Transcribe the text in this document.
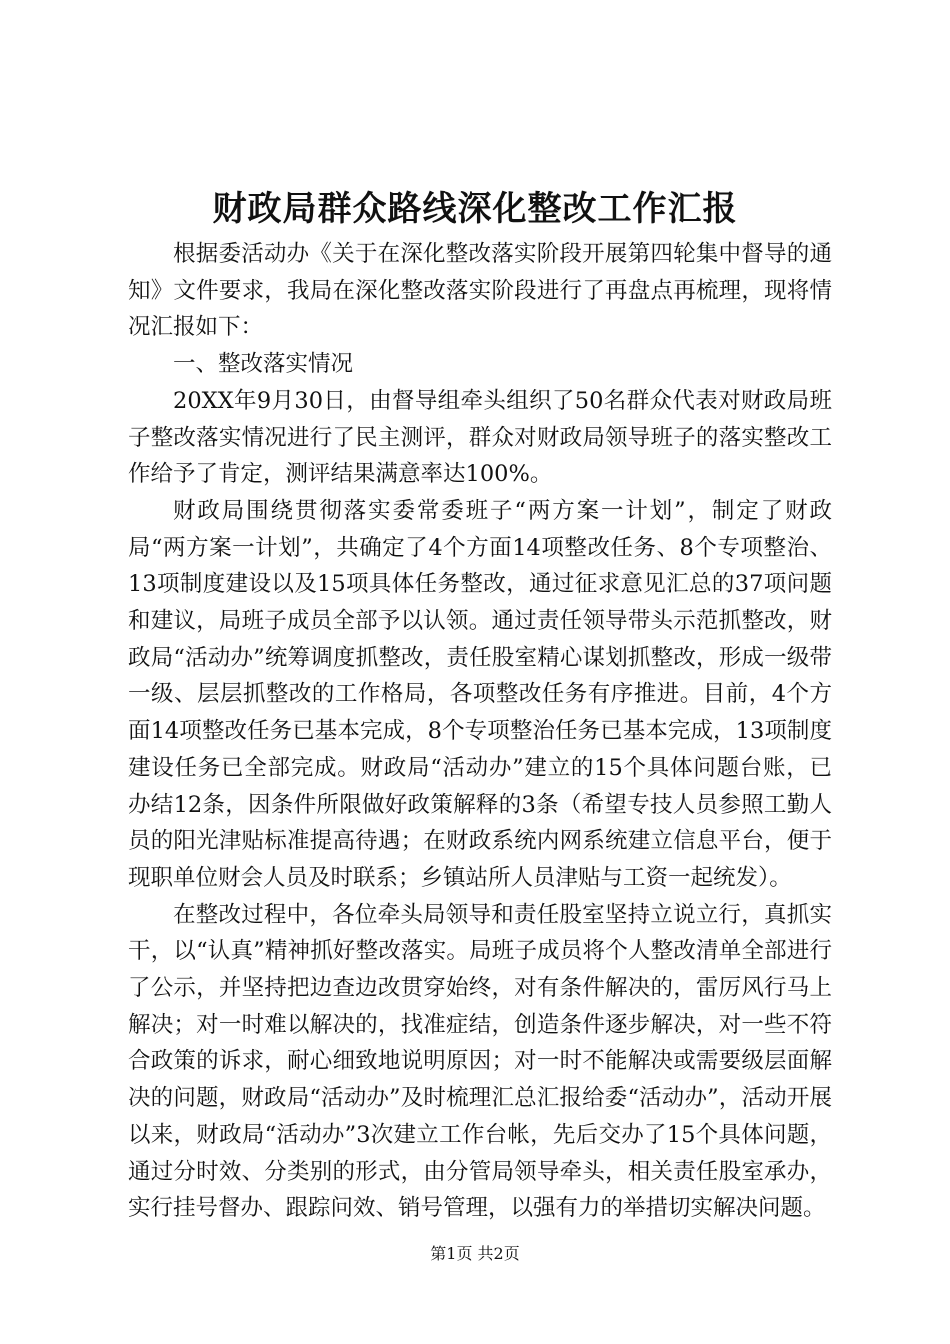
财政局群众路线深化整改工作汇报

根据委活动办《关于在深化整改落实阶段开展第四轮集中督导的通知》文件要求，我局在深化整改落实阶段进行了再盘点再梳理，现将情况汇报如下：

一、整改落实情况

20XX年9月30日，由督导组牵头组织了50名群众代表对财政局班子整改落实情况进行了民主测评，群众对财政局领导班子的落实整改工作给予了肯定，测评结果满意率达100%。

财政局围绕贯彻落实委常委班子“两方案一计划”，制定了财政局“两方案一计划”，共确定了4个方面14项整改任务、8个专项整治、13项制度建设以及15项具体任务整改，通过征求意见汇总的37项问题和建议，局班子成员全部予以认领。通过责任领导带头示范抓整改，财政局“活动办”统筹调度抓整改，责任股室精心谋划抓整改，形成一级带一级、层层抓整改的工作格局，各项整改任务有序推进。目前，4个方面14项整改任务已基本完成，8个专项整治任务已基本完成，13项制度建设任务已全部完成。财政局“活动办”建立的15个具体问题台账，已办结12条，因条件所限做好政策解释的3条（希望专技人员参照工勤人员的阳光津贴标准提高待遇；在财政系统内网系统建立信息平台，便于现职单位财会人员及时联系；乡镇站所人员津贴与工资一起统发）。

在整改过程中，各位牵头局领导和责任股室坚持立说立行，真抓实干，以“认真”精神抓好整改落实。局班子成员将个人整改清单全部进行了公示，并坚持把边查边改贯穿始终，对有条件解决的，雷厉风行马上解决；对一时难以解决的，找准症结，创造条件逐步解决，对一些不符合政策的诉求，耐心细致地说明原因；对一时不能解决或需要级层面解决的问题，财政局“活动办”及时梳理汇总汇报给委“活动办”，活动开展以来，财政局“活动办”3次建立工作台帐，先后交办了15个具体问题，通过分时效、分类别的形式，由分管局领导牵头，相关责任股室承办，实行挂号督办、跟踪问效、销号管理，以强有力的举措切实解决问题。

第1页 共2页
